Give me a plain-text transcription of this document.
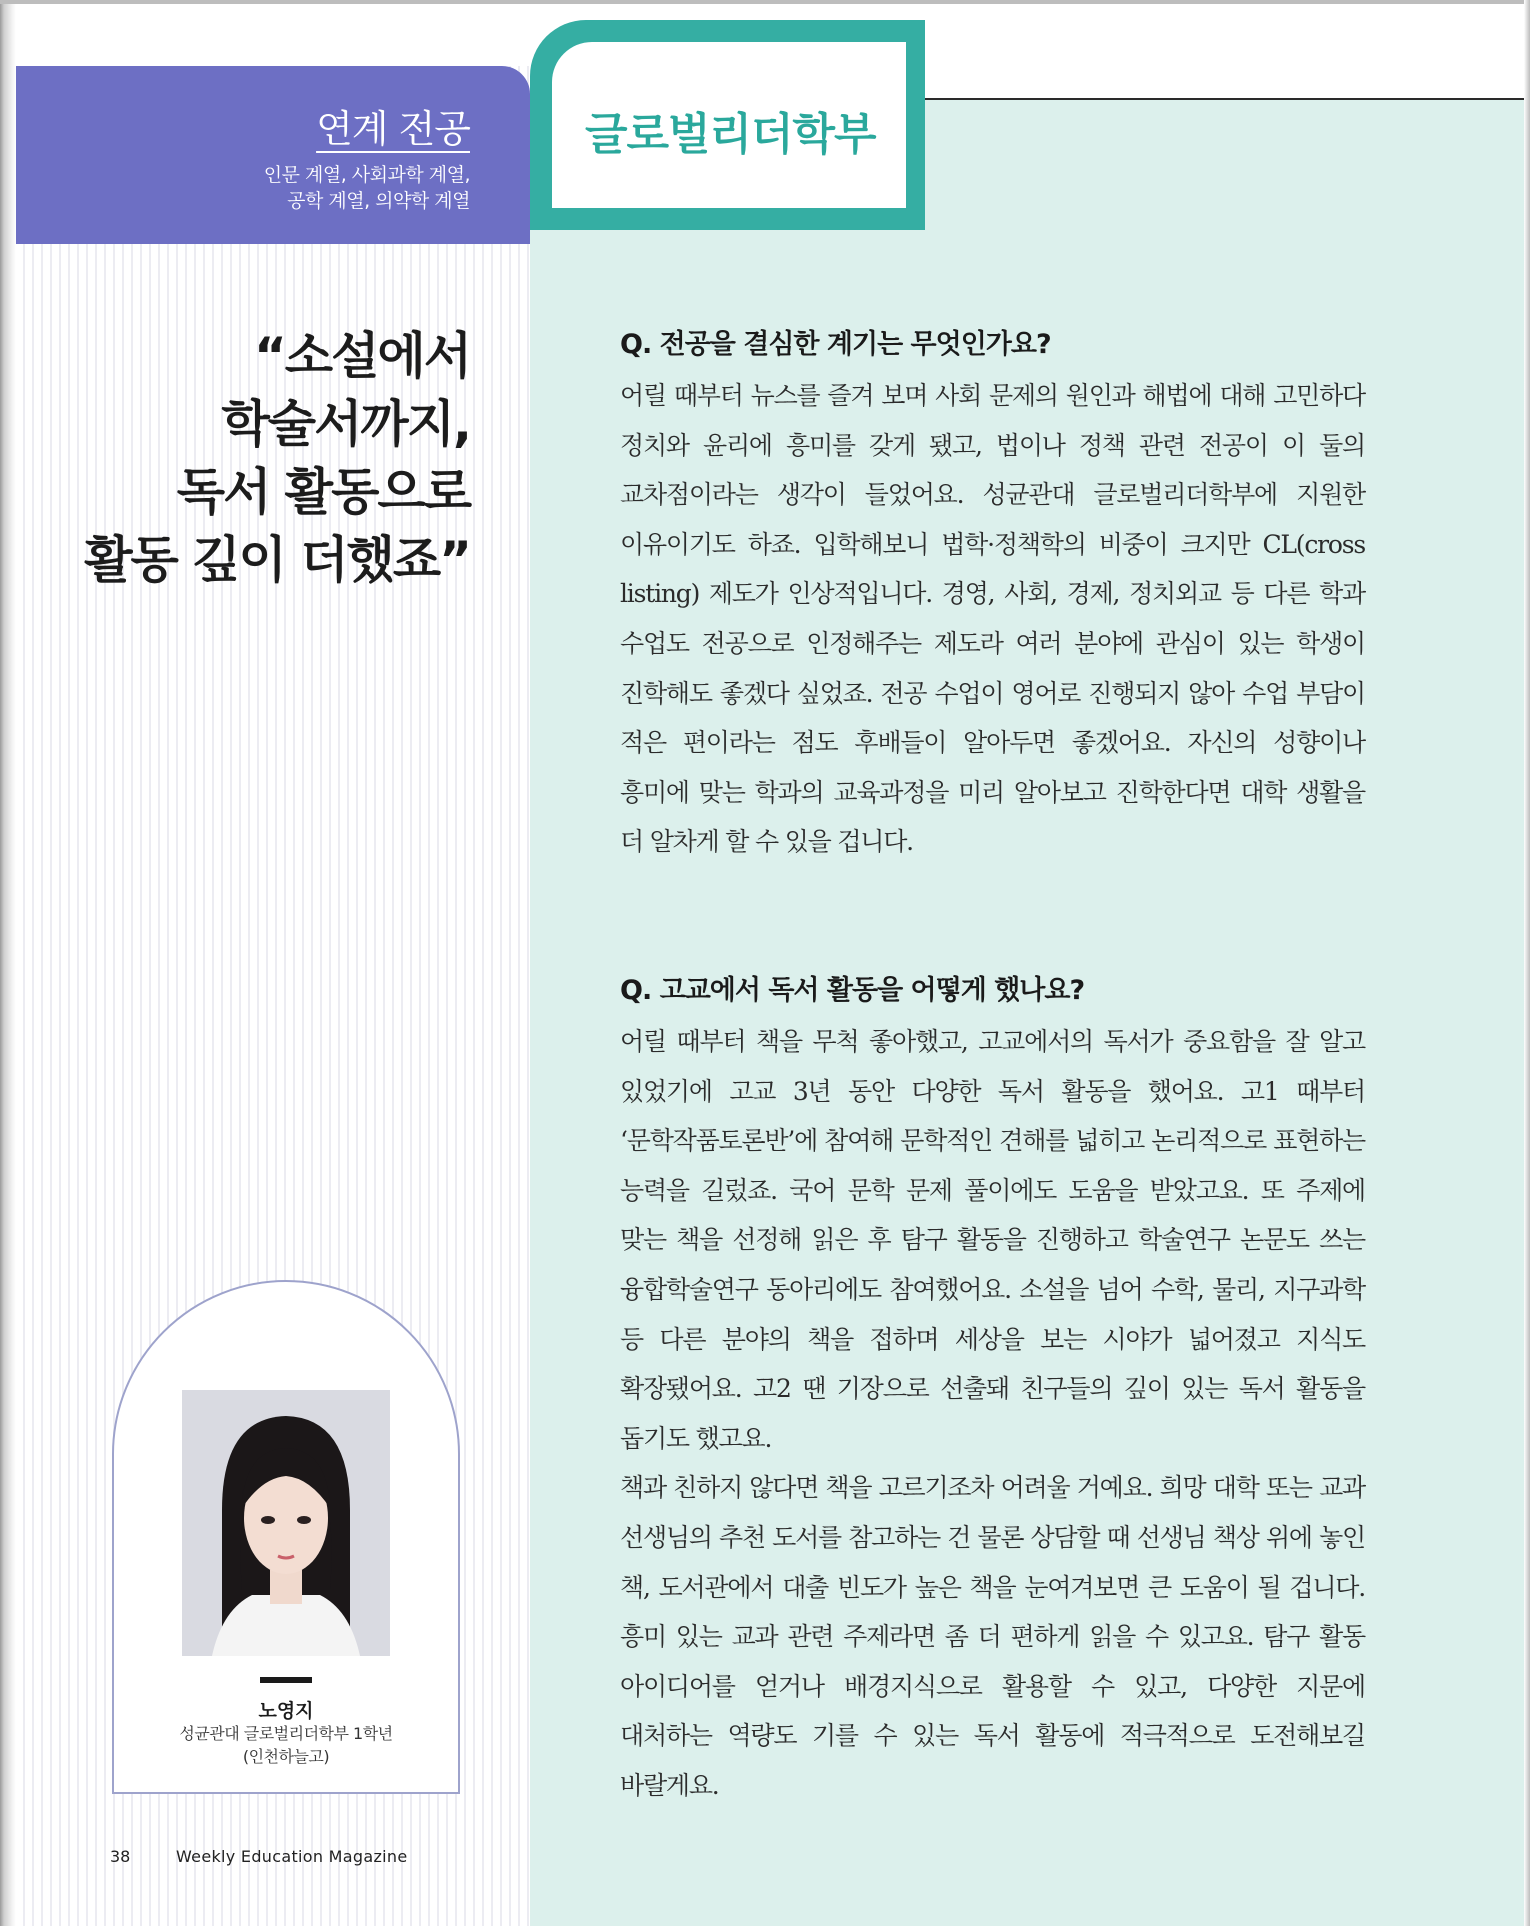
연계 전공
인문 계열, 사회과학 계열,
공학 계열, 의약학 계열
글로벌리더학부
“소설에서
학술서까지,
독서 활동으로
활동 깊이 더했죠”
노영지
성균관대 글로벌리더학부 1학년
(인천하늘고)
38	Weekly Education Magazine
Q. 전공을 결심한 계기는 무엇인가요?

어릴 때부터 뉴스를 즐겨 보며 사회 문제의 원인과 해법에 대해 고민하다 정치와 윤리에 흥미를 갖게 됐고, 법이나 정책 관련 전공이 이 둘의 교차점이라는 생각이 들었어요. 성균관대 글로벌리더학부에 지원한 이유이기도 하죠. 입학해보니 법학·정책학의 비중이 크지만 CL(cross listing) 제도가 인상적입니다. 경영, 사회, 경제, 정치외교 등 다른 학과 수업도 전공으로 인정해주는 제도라 여러 분야에 관심이 있는 학생이 진학해도 좋겠다 싶었죠. 전공 수업이 영어로 진행되지 않아 수업 부담이 적은 편이라는 점도 후배들이 알아두면 좋겠어요. 자신의 성향이나 흥미에 맞는 학과의 교육과정을 미리 알아보고 진학한다면 대학 생활을 더 알차게 할 수 있을 겁니다.

Q. 고교에서 독서 활동을 어떻게 했나요?

어릴 때부터 책을 무척 좋아했고, 고교에서의 독서가 중요함을 잘 알고 있었기에 고교 3년 동안 다양한 독서 활동을 했어요. 고1 때부터 ‘문학작품토론반’에 참여해 문학적인 견해를 넓히고 논리적으로 표현하는 능력을 길렀죠. 국어 문학 문제 풀이에도 도움을 받았고요. 또 주제에 맞는 책을 선정해 읽은 후 탐구 활동을 진행하고 학술연구 논문도 쓰는 융합학술연구 동아리에도 참여했어요. 소설을 넘어 수학, 물리, 지구과학 등 다른 분야의 책을 접하며 세상을 보는 시야가 넓어졌고 지식도 확장됐어요. 고2 땐 기장으로 선출돼 친구들의 깊이 있는 독서 활동을 돕기도 했고요.

책과 친하지 않다면 책을 고르기조차 어려울 거예요. 희망 대학 또는 교과 선생님의 추천 도서를 참고하는 건 물론 상담할 때 선생님 책상 위에 놓인 책, 도서관에서 대출 빈도가 높은 책을 눈여겨보면 큰 도움이 될 겁니다. 흥미 있는 교과 관련 주제라면 좀 더 편하게 읽을 수 있고요. 탐구 활동 아이디어를 얻거나 배경지식으로 활용할 수 있고, 다양한 지문에 대처하는 역량도 기를 수 있는 독서 활동에 적극적으로 도전해보길 바랄게요.
